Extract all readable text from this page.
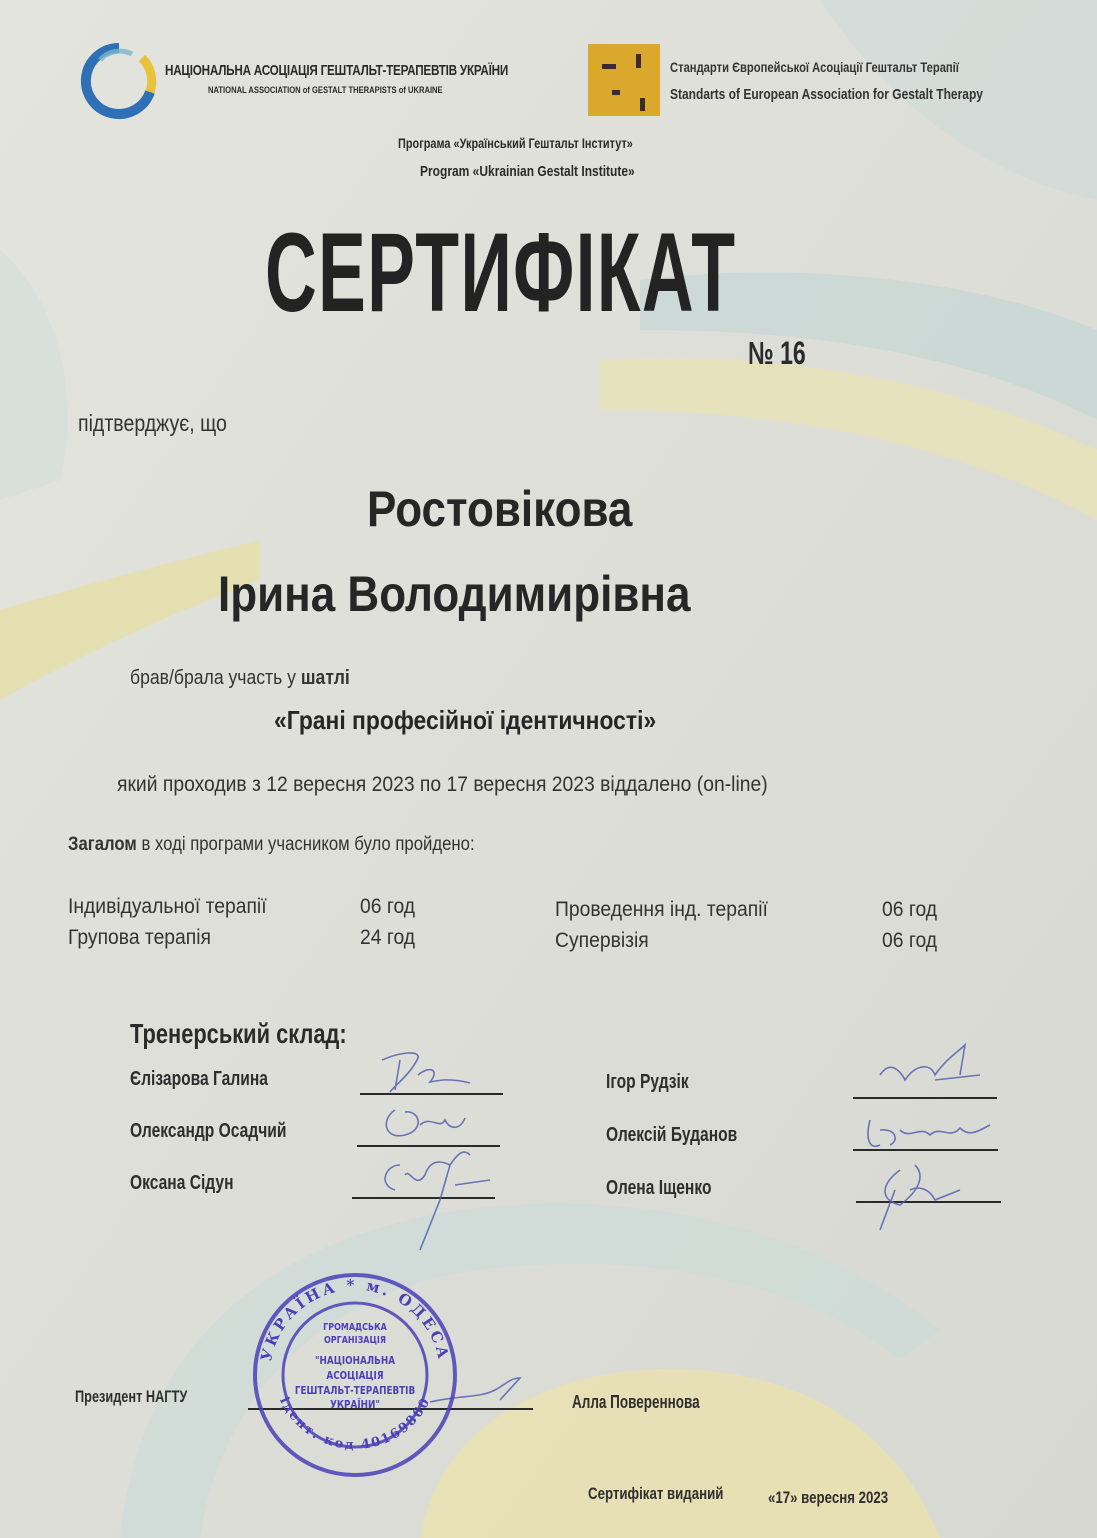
НАЦІОНАЛЬНА АСОЦІАЦІЯ ГЕШТАЛЬТ-ТЕРАПЕВТІВ УКРАЇНИ
NATIONAL ASSOCIATION of GESTALT THERAPISTS of UKRAINE
Стандарти Європейської Асоціації Гештальт Терапії
Standarts of European Association for Gestalt Therapy
Програма «Український Гештальт Інститут»
Program «Ukrainian Gestalt Institute»
СЕРТИФІКАТ
№ 16
підтверджує, що
Ростовікова
Ірина Володимирівна
брав/брала участь у шатлі
«Грані професійної ідентичності»
який проходив з 12 вересня 2023 по 17 вересня 2023 віддалено (on-line)
Загалом в ході програми учасником було пройдено:
Індивідуальної терапії	06 год
Групова терапія	24 год
Проведення інд. терапії	06 год
Супервізія	06 год
Тренерський склад:
Єлізарова Галина
Олександр Осадчий
Оксана Сідун
Ігор Рудзік
Олексій Буданов
Олена Іщенко
Президент НАГТУ	Алла Поверенн‌ова
УКРАЇНА * м. ОДЕСА
ідент. код 40169860
ГРОМАДСЬКА
ОРГАНІЗАЦІЯ
"НАЦІОНАЛЬНА
АСОЦІАЦІЯ
ГЕШТАЛЬТ-ТЕРАПЕВТІВ
УКРАЇНИ"
Сертифікат виданий	«17» вересня 2023
